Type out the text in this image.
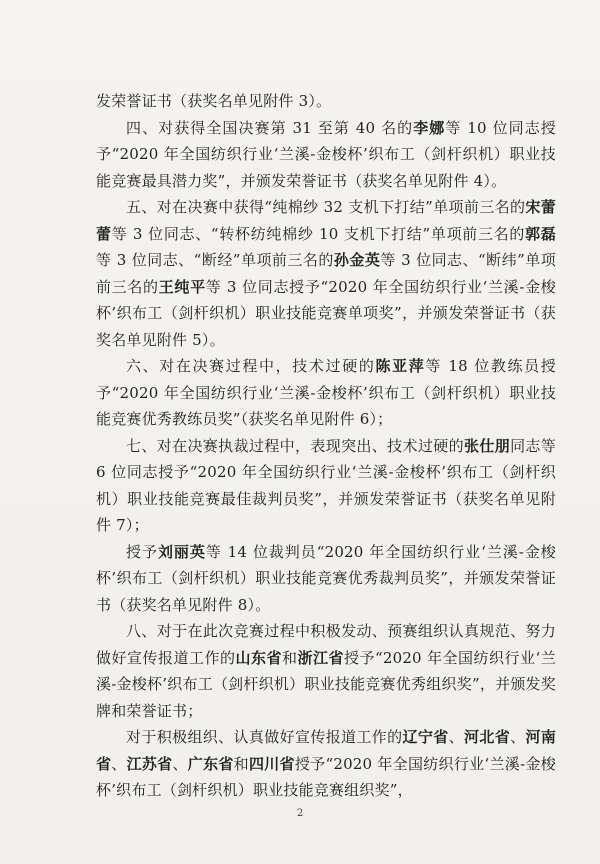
发荣誉证书（获奖名单见附件 3）。

四、对获得全国决赛第 31 至第 40 名的李娜等 10 位同志授予“2020 年全国纺织行业‘兰溪-金梭杯’织布工（剑杆织机）职业技能竞赛最具潜力奖”，并颁发荣誉证书（获奖名单见附件 4）。

五、对在决赛中获得“纯棉纱 32 支机下打结”单项前三名的宋蕾蕾等 3 位同志、“转杯纺纯棉纱 10 支机下打结”单项前三名的郭磊等 3 位同志、“断经”单项前三名的孙金英等 3 位同志、“断纬”单项前三名的王纯平等 3 位同志授予“2020 年全国纺织行业‘兰溪-金梭杯’织布工（剑杆织机）职业技能竞赛单项奖”，并颁发荣誉证书（获奖名单见附件 5）。

六、对在决赛过程中，技术过硬的陈亚萍等 18 位教练员授予“2020 年全国纺织行业‘兰溪-金梭杯’织布工（剑杆织机）职业技能竞赛优秀教练员奖”（获奖名单见附件 6）；

七、对在决赛执裁过程中，表现突出、技术过硬的张仕朋同志等 6 位同志授予“2020 年全国纺织行业‘兰溪-金梭杯’织布工（剑杆织机）职业技能竞赛最佳裁判员奖”，并颁发荣誉证书（获奖名单见附件 7）；

授予刘丽英等 14 位裁判员“2020 年全国纺织行业‘兰溪-金梭杯’织布工（剑杆织机）职业技能竞赛优秀裁判员奖”，并颁发荣誉证书（获奖名单见附件 8）。

八、对于在此次竞赛过程中积极发动、预赛组织认真规范、努力做好宣传报道工作的山东省和浙江省授予“2020 年全国纺织行业‘兰溪-金梭杯’织布工（剑杆织机）职业技能竞赛优秀组织奖”，并颁发奖牌和荣誉证书；

对于积极组织、认真做好宣传报道工作的辽宁省、河北省、河南省、江苏省、广东省和四川省授予“2020 年全国纺织行业‘兰溪-金梭杯’织布工（剑杆织机）职业技能竞赛组织奖”，

2
